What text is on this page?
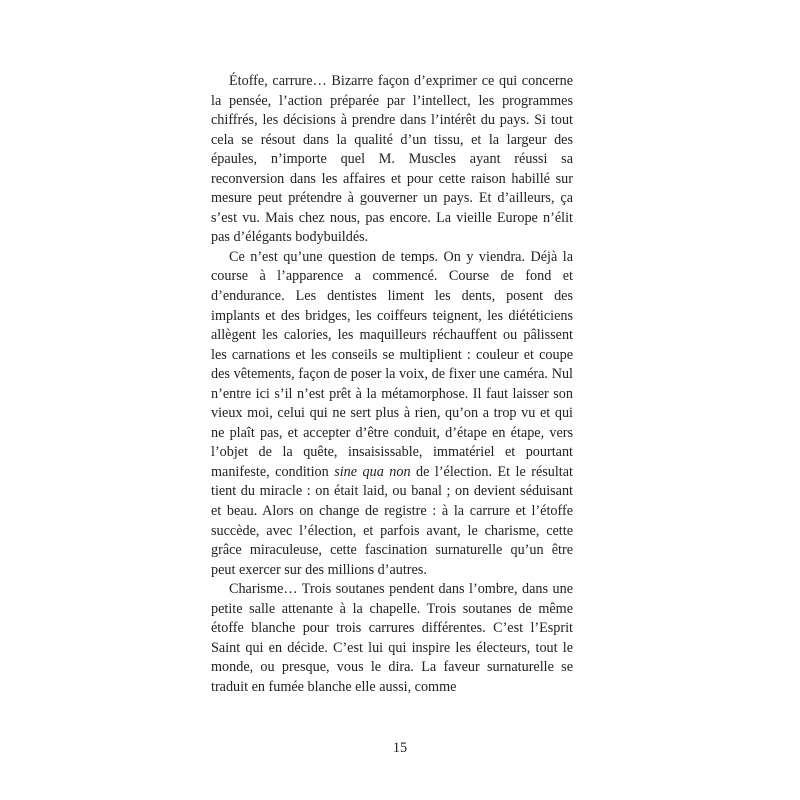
Étoffe, carrure… Bizarre façon d’exprimer ce qui concerne la pensée, l’action préparée par l’intellect, les programmes chiffrés, les décisions à prendre dans l’intérêt du pays. Si tout cela se résout dans la qualité d’un tissu, et la largeur des épaules, n’importe quel M. Muscles ayant réussi sa reconversion dans les affaires et pour cette raison habillé sur mesure peut prétendre à gouverner un pays. Et d’ailleurs, ça s’est vu. Mais chez nous, pas encore. La vieille Europe n’élit pas d’élégants bodybuildés.

Ce n’est qu’une question de temps. On y viendra. Déjà la course à l’apparence a commencé. Course de fond et d’endurance. Les dentistes liment les dents, posent des implants et des bridges, les coiffeurs teignent, les diététiciens allègent les calories, les maquilleurs réchauffent ou pâlissent les carnations et les conseils se multiplient : couleur et coupe des vêtements, façon de poser la voix, de fixer une caméra. Nul n’entre ici s’il n’est prêt à la métamorphose. Il faut laisser son vieux moi, celui qui ne sert plus à rien, qu’on a trop vu et qui ne plaît pas, et accepter d’être conduit, d’étape en étape, vers l’objet de la quête, insaisissable, immatériel et pourtant manifeste, condition sine qua non de l’élection. Et le résultat tient du miracle : on était laid, ou banal ; on devient séduisant et beau. Alors on change de registre : à la carrure et l’étoffe succède, avec l’élection, et parfois avant, le charisme, cette grâce miraculeuse, cette fascination surnaturelle qu’un être peut exercer sur des millions d’autres.

Charisme… Trois soutanes pendent dans l’ombre, dans une petite salle attenante à la chapelle. Trois soutanes de même étoffe blanche pour trois carrures différentes. C’est l’Esprit Saint qui en décide. C’est lui qui inspire les électeurs, tout le monde, ou presque, vous le dira. La faveur surnaturelle se traduit en fumée blanche elle aussi, comme

15
